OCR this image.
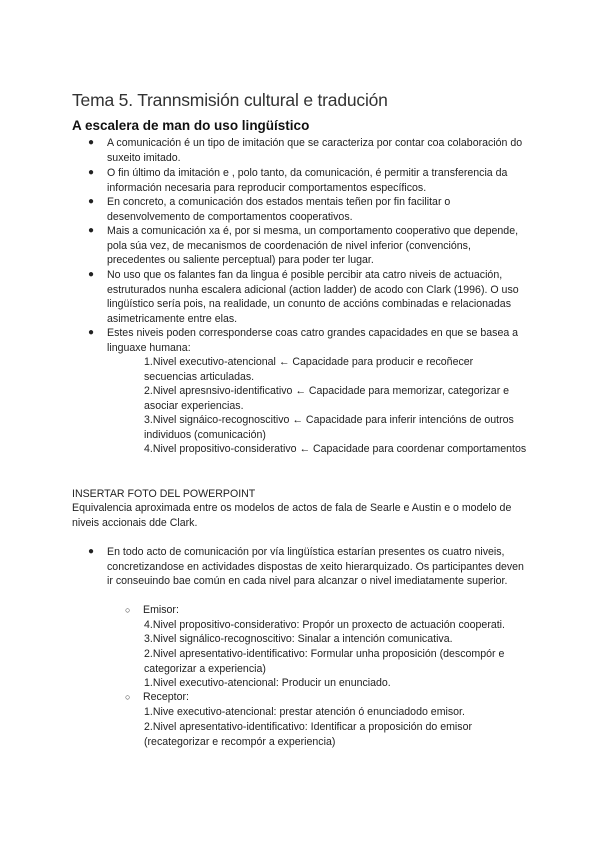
Tema 5. Trannsmisión cultural e tradución
A escalera de man do uso lingüístico
●	A comunicación é un tipo de imitación que se caracteriza por contar coa colaboración do suxeito imitado.
●	O fin último da imitación e , polo tanto, da comunicación, é permitir a transferencia da información necesaria para reproducir comportamentos específicos.
●	En concreto, a comunicación dos estados mentais teñen por fin facilitar o desenvolvemento de comportamentos cooperativos.
●	Mais a comunicación xa é, por si mesma, un comportamento cooperativo que depende, pola súa vez, de mecanismos de coordenación de nivel inferior (convencións, precedentes ou saliente perceptual) para poder ter lugar.
●	No uso que os falantes fan da lingua é posible percibir ata catro niveis de actuación, estruturados nunha escalera adicional (action ladder) de acodo con Clark (1996). O uso lingüístico sería pois, na realidade, un conunto de accións combinadas e relacionadas asimetricamente entre elas.
●	Estes niveis poden corresponderse coas catro grandes capacidades en que se basea a linguaxe humana:
1.Nivel executivo-atencional ← Capacidade para producir e recoñecer secuencias articuladas.
2.Nivel apresnsivo-identificativo ← Capacidade para memorizar, categorizar e asociar experiencias.
3.Nivel signáico-recognoscitivo ← Capacidade para inferir intencións de outros individuos (comunicación)
4.Nivel propositivo-considerativo ← Capacidade para coordenar comportamentos
INSERTAR FOTO DEL POWERPOINT
Equivalencia aproximada entre os modelos de actos de fala de Searle e Austin e o modelo de niveis accionais dde Clark.
●	En todo acto de comunicación por vía lingüística estarían presentes os cuatro niveis, concretizandose en actividades dispostas de xeito hierarquizado. Os participantes deven ir conseuindo bae común en cada nivel para alcanzar o nivel imediatamente superior.
○ Emisor:
4.Nivel propositivo-considerativo: Propór un proxecto de actuación cooperati.
3.Nivel signálico-recognoscitivo: Sinalar a intención comunicativa.
2.Nivel apresentativo-identificativo: Formular unha proposición (descompór e categorizar a experiencia)
1.Nivel executivo-atencional: Producir un enunciado.
○ Receptor:
1.Nive executivo-atencional: prestar atención ó enunciadodo emisor.
2.Nivel apresentativo-identificativo: Identificar a proposición do emisor (recategorizar e recompór a experiencia)
